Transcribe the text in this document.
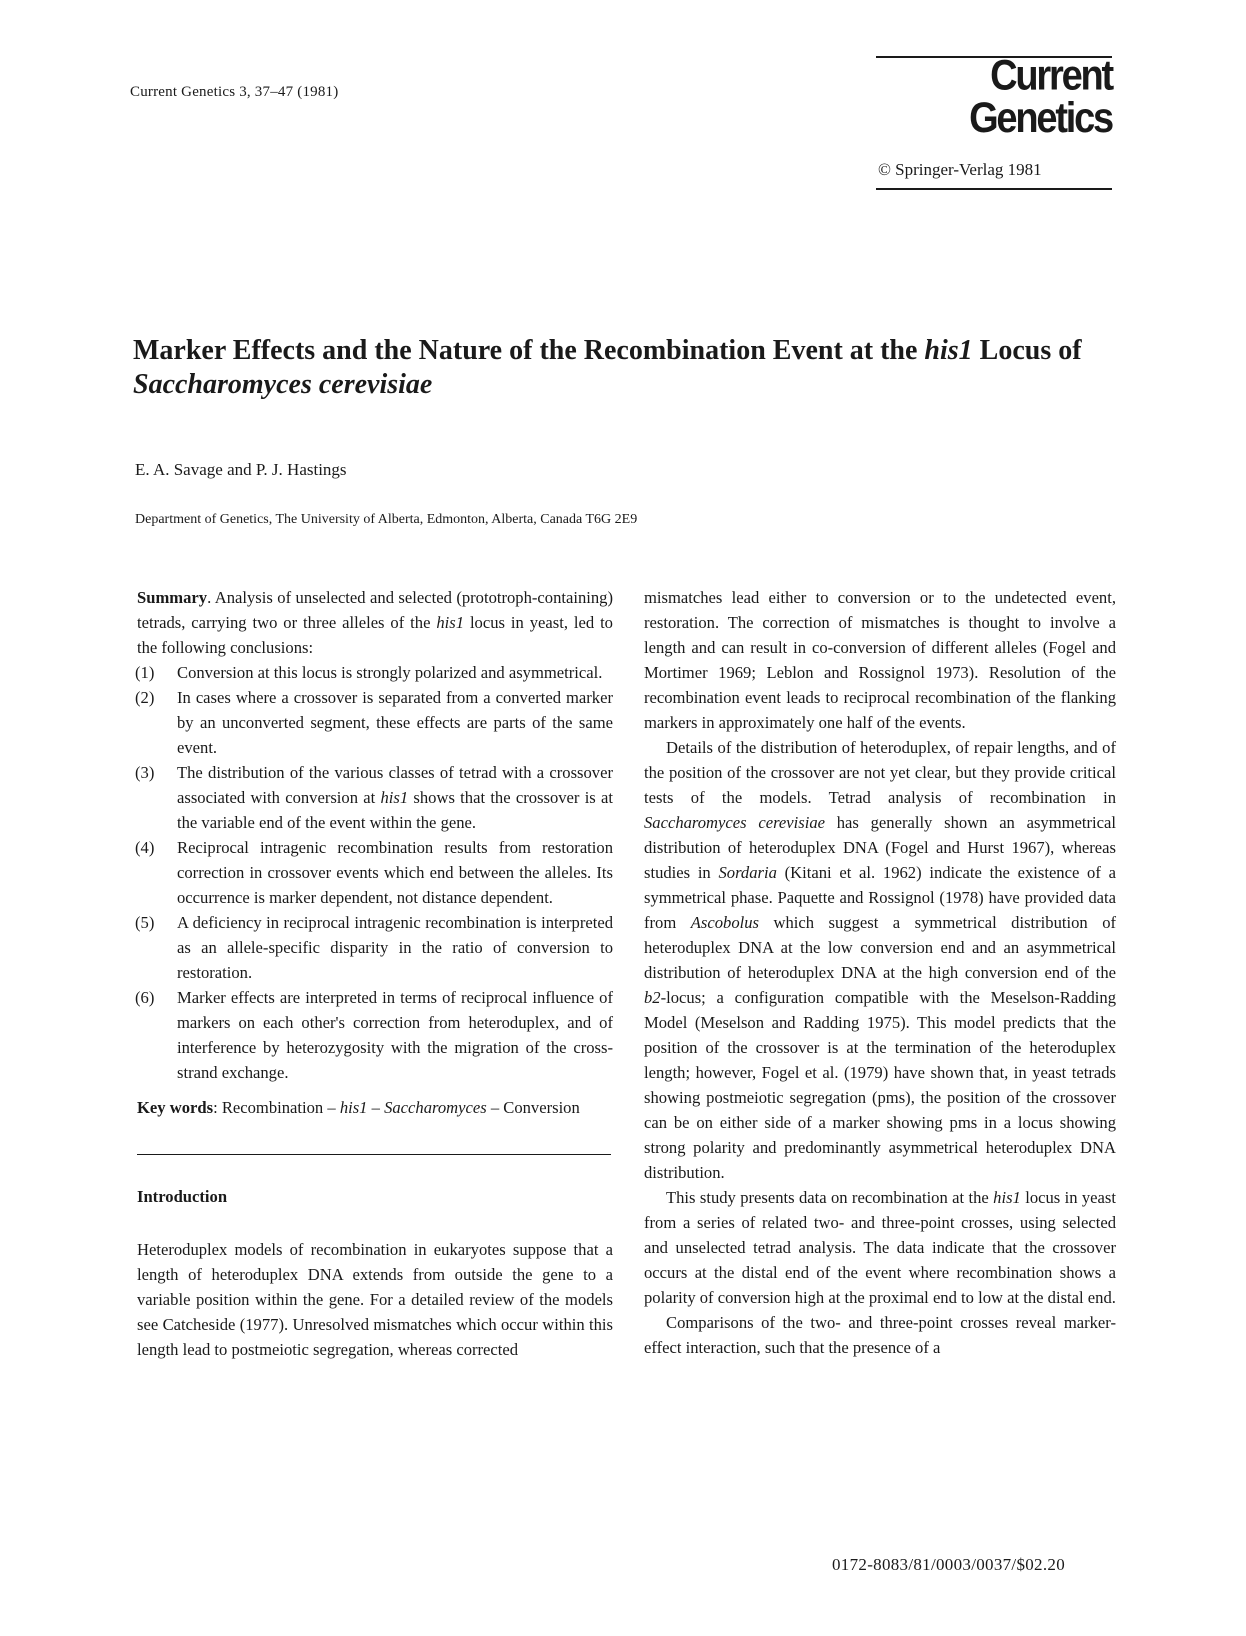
Current Genetics 3, 37–47 (1981)	Current Genetics
© Springer-Verlag 1981
Marker Effects and the Nature of the Recombination Event at the his1 Locus of Saccharomyces cerevisiae
E. A. Savage and P. J. Hastings
Department of Genetics, The University of Alberta, Edmonton, Alberta, Canada T6G 2E9

Summary. Analysis of unselected and selected (prototroph-containing) tetrads, carrying two or three alleles of the his1 locus in yeast, led to the following conclusions:

(1) Conversion at this locus is strongly polarized and asymmetrical.
(2) In cases where a crossover is separated from a converted marker by an unconverted segment, these effects are parts of the same event.
(3) The distribution of the various classes of tetrad with a crossover associated with conversion at his1 shows that the crossover is at the variable end of the event within the gene.
(4) Reciprocal intragenic recombination results from restoration correction in crossover events which end between the alleles. Its occurrence is marker dependent, not distance dependent.
(5) A deficiency in reciprocal intragenic recombination is interpreted as an allele-specific disparity in the ratio of conversion to restoration.
(6) Marker effects are interpreted in terms of reciprocal influence of markers on each other's correction from heteroduplex, and of interference by heterozygosity with the migration of the cross-strand exchange.

Key words: Recombination – his1 – Saccharomyces – Conversion

Introduction

Heteroduplex models of recombination in eukaryotes suppose that a length of heteroduplex DNA extends from outside the gene to a variable position within the gene. For a detailed review of the models see Catcheside (1977). Unresolved mismatches which occur within this length lead to postmeiotic segregation, whereas corrected

mismatches lead either to conversion or to the undetected event, restoration. The correction of mismatches is thought to involve a length and can result in co-conversion of different alleles (Fogel and Mortimer 1969; Leblon and Rossignol 1973). Resolution of the recombination event leads to reciprocal recombination of the flanking markers in approximately one half of the events.

Details of the distribution of heteroduplex, of repair lengths, and of the position of the crossover are not yet clear, but they provide critical tests of the models. Tetrad analysis of recombination in Saccharomyces cerevisiae has generally shown an asymmetrical distribution of heteroduplex DNA (Fogel and Hurst 1967), whereas studies in Sordaria (Kitani et al. 1962) indicate the existence of a symmetrical phase. Paquette and Rossignol (1978) have provided data from Ascobolus which suggest a symmetrical distribution of heteroduplex DNA at the low conversion end and an asymmetrical distribution of heteroduplex DNA at the high conversion end of the b2-locus; a configuration compatible with the Meselson-Radding Model (Meselson and Radding 1975). This model predicts that the position of the crossover is at the termination of the heteroduplex length; however, Fogel et al. (1979) have shown that, in yeast tetrads showing postmeiotic segregation (pms), the position of the crossover can be on either side of a marker showing pms in a locus showing strong polarity and predominantly asymmetrical heteroduplex DNA distribution.

This study presents data on recombination at the his1 locus in yeast from a series of related two- and three-point crosses, using selected and unselected tetrad analysis. The data indicate that the crossover occurs at the distal end of the event where recombination shows a polarity of conversion high at the proximal end to low at the distal end.

Comparisons of the two- and three-point crosses reveal marker-effect interaction, such that the presence of a

0172-8083/81/0003/0037/$02.20
